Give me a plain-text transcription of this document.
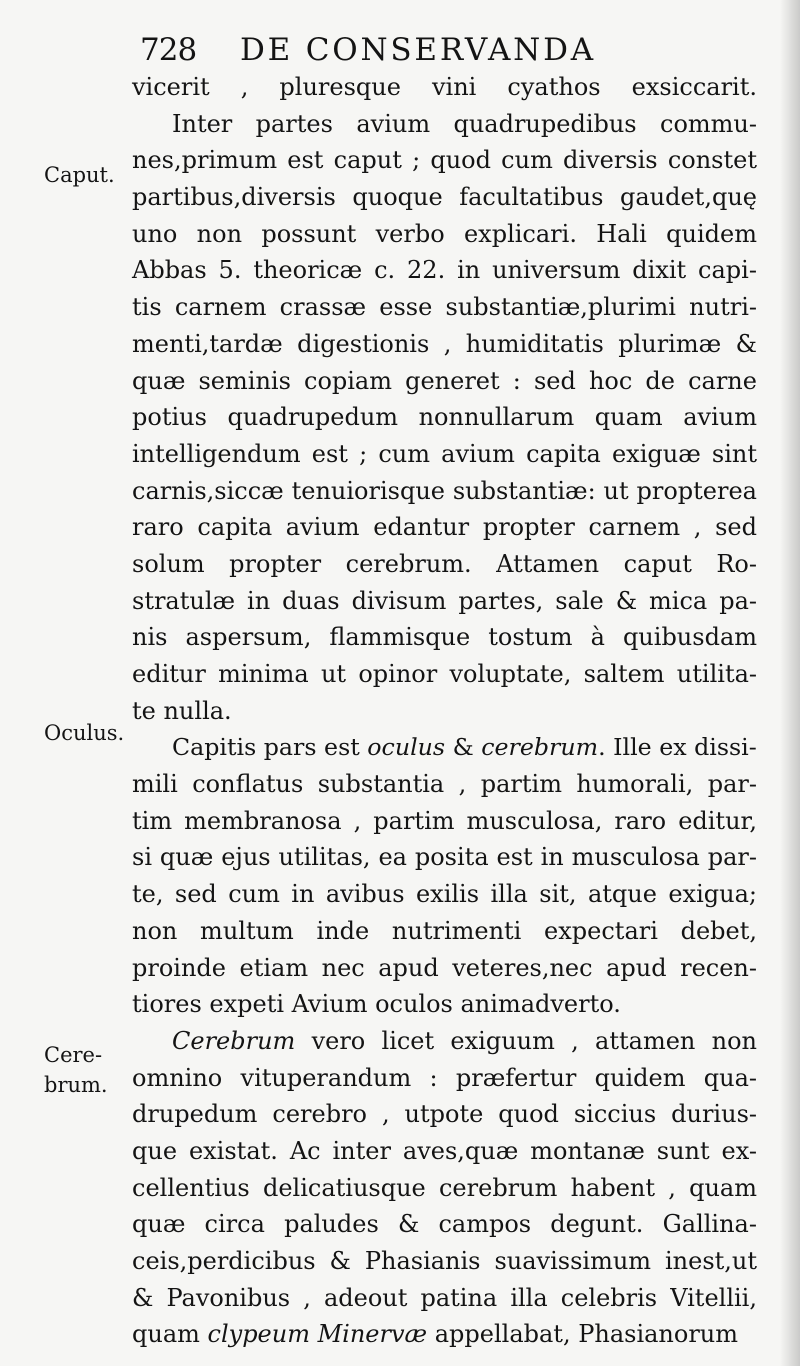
728 DE CONSERVANDA
Caput.
Oculus.
Cere-
brum.
vicerit , pluresque vini cyathos exsiccarit.
Inter partes avium quadrupedibus commu-
nes,primum est caput ; quod cum diversis constet
partibus,diversis quoque facultatibus gaudet,quę
uno non possunt verbo explicari. Hali quidem
Abbas 5. theoricæ c. 22. in universum dixit capi-
tis carnem crassæ esse substantiæ,plurimi nutri-
menti,tardæ digestionis , humiditatis plurimæ &
quæ seminis copiam generet : sed hoc de carne
potius quadrupedum nonnullarum quam avium
intelligendum est ; cum avium capita exiguæ sint
carnis,siccæ tenuiorisque substantiæ: ut propterea
raro capita avium edantur propter carnem , sed
solum propter cerebrum. Attamen caput Ro-
stratulæ in duas divisum partes, sale & mica pa-
nis aspersum, flammisque tostum à quibusdam
editur minima ut opinor voluptate, saltem utilita-
te nulla.
Capitis pars est oculus & cerebrum. Ille ex dissi-
mili conflatus substantia , partim humorali, par-
tim membranosa , partim musculosa, raro editur,
si quæ ejus utilitas, ea posita est in musculosa par-
te, sed cum in avibus exilis illa sit, atque exigua;
non multum inde nutrimenti expectari debet,
proinde etiam nec apud veteres,nec apud recen-
tiores expeti Avium oculos animadverto.
Cerebrum vero licet exiguum , attamen non
omnino vituperandum : præfertur quidem qua-
drupedum cerebro , utpote quod siccius durius-
que existat. Ac inter aves,quæ montanæ sunt ex-
cellentius delicatiusque cerebrum habent , quam
quæ circa paludes & campos degunt. Gallina-
ceis,perdicibus & Phasianis suavissimum inest,ut
& Pavonibus , adeout patina illa celebris Vitellii,
quam clypeum Minervæ appellabat, Phasianorum
